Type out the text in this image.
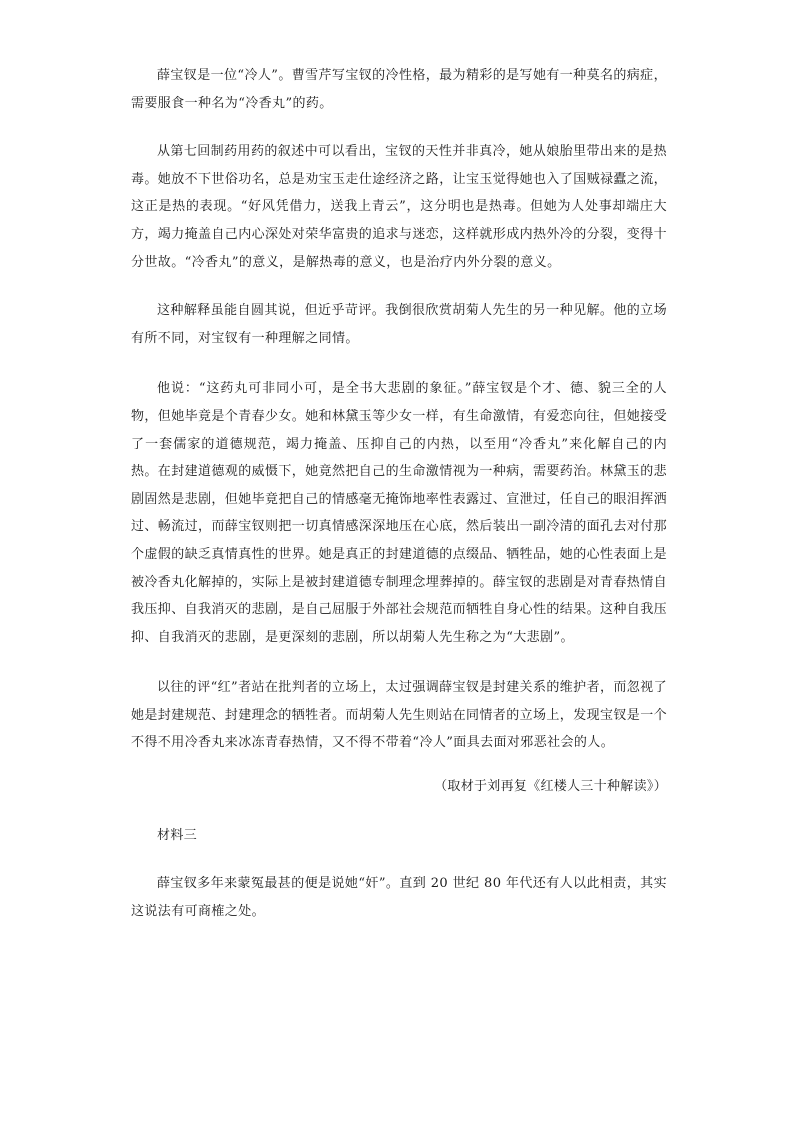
薛宝钗是一位“冷人”。曹雪芹写宝钗的冷性格，最为精彩的是写她有一种莫名的病症，需要服食一种名为“冷香丸”的药。

从第七回制药用药的叙述中可以看出，宝钗的天性并非真冷，她从娘胎里带出来的是热毒。她放不下世俗功名，总是劝宝玉走仕途经济之路，让宝玉觉得她也入了国贼禄蠹之流，这正是热的表现。“好风凭借力，送我上青云”，这分明也是热毒。但她为人处事却端庄大方，竭力掩盖自己内心深处对荣华富贵的追求与迷恋，这样就形成内热外冷的分裂，变得十分世故。“冷香丸”的意义，是解热毒的意义，也是治疗内外分裂的意义。

这种解释虽能自圆其说，但近乎苛评。我倒很欣赏胡菊人先生的另一种见解。他的立场有所不同，对宝钗有一种理解之同情。

他说：“这药丸可非同小可，是全书大悲剧的象征。”薛宝钗是个才、德、貌三全的人物，但她毕竟是个青春少女。她和林黛玉等少女一样，有生命激情，有爱恋向往，但她接受了一套儒家的道德规范，竭力掩盖、压抑自己的内热，以至用“冷香丸”来化解自己的内热。在封建道德观的威慑下，她竟然把自己的生命激情视为一种病，需要药治。林黛玉的悲剧固然是悲剧，但她毕竟把自己的情感毫无掩饰地率性表露过、宣泄过，任自己的眼泪挥洒过、畅流过，而薛宝钗则把一切真情感深深地压在心底，然后装出一副冷清的面孔去对付那个虚假的缺乏真情真性的世界。她是真正的封建道德的点缀品、牺牲品，她的心性表面上是被冷香丸化解掉的，实际上是被封建道德专制理念埋葬掉的。薛宝钗的悲剧是对青春热情自我压抑、自我消灭的悲剧，是自己屈服于外部社会规范而牺牲自身心性的结果。这种自我压抑、自我消灭的悲剧，是更深刻的悲剧，所以胡菊人先生称之为“大悲剧”。

以往的评“红”者站在批判者的立场上，太过强调薛宝钗是封建关系的维护者，而忽视了她是封建规范、封建理念的牺牲者。而胡菊人先生则站在同情者的立场上，发现宝钗是一个不得不用冷香丸来冰冻青春热情，又不得不带着“冷人”面具去面对邪恶社会的人。

（取材于刘再复《红楼人三十种解读》）

材料三

薛宝钗多年来蒙冤最甚的便是说她“奸”。直到 20 世纪 80 年代还有人以此相责，其实这说法有可商榷之处。
